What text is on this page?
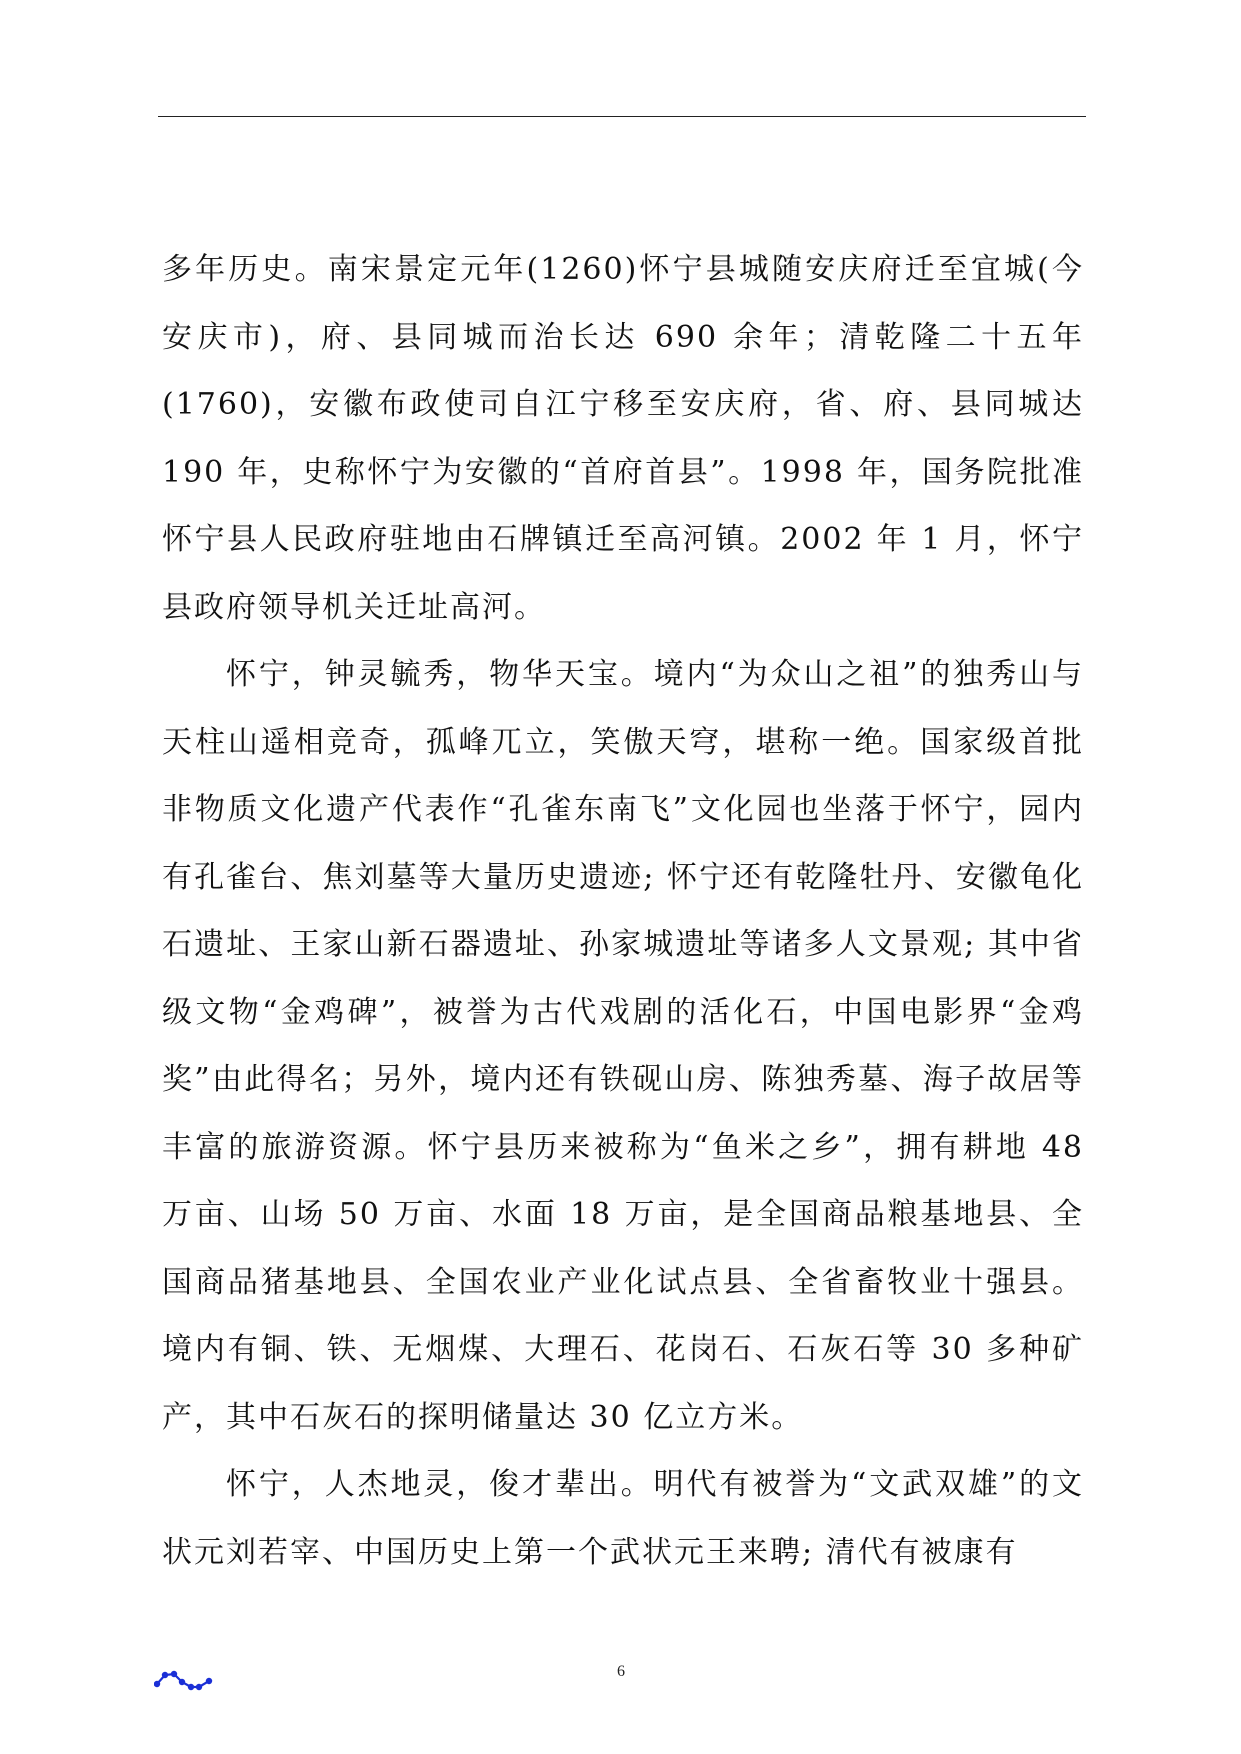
多年历史。南宋景定元年(1260)怀宁县城随安庆府迁至宜城(今安庆市)，府、县同城而治长达 690 余年；清乾隆二十五年(1760)，安徽布政使司自江宁移至安庆府，省、府、县同城达 190 年，史称怀宁为安徽的“首府首县”。1998 年，国务院批准怀宁县人民政府驻地由石牌镇迁至高河镇。2002 年 1 月，怀宁县政府领导机关迁址高河。

怀宁，钟灵毓秀，物华天宝。境内“为众山之祖”的独秀山与天柱山遥相竞奇，孤峰兀立，笑傲天穹，堪称一绝。国家级首批非物质文化遗产代表作“孔雀东南飞”文化园也坐落于怀宁，园内有孔雀台、焦刘墓等大量历史遗迹; 怀宁还有乾隆牡丹、安徽龟化石遗址、王家山新石器遗址、孙家城遗址等诸多人文景观; 其中省级文物“金鸡碑”，被誉为古代戏剧的活化石，中国电影界“金鸡奖”由此得名；另外，境内还有铁砚山房、陈独秀墓、海子故居等丰富的旅游资源。怀宁县历来被称为“鱼米之乡”，拥有耕地 48 万亩、山场 50 万亩、水面 18 万亩，是全国商品粮基地县、全国商品猪基地县、全国农业产业化试点县、全省畜牧业十强县。境内有铜、铁、无烟煤、大理石、花岗石、石灰石等 30 多种矿产，其中石灰石的探明储量达 30 亿立方米。

怀宁，人杰地灵，俊才辈出。明代有被誉为“文武双雄”的文状元刘若宰、中国历史上第一个武状元王来聘; 清代有被康有

6
